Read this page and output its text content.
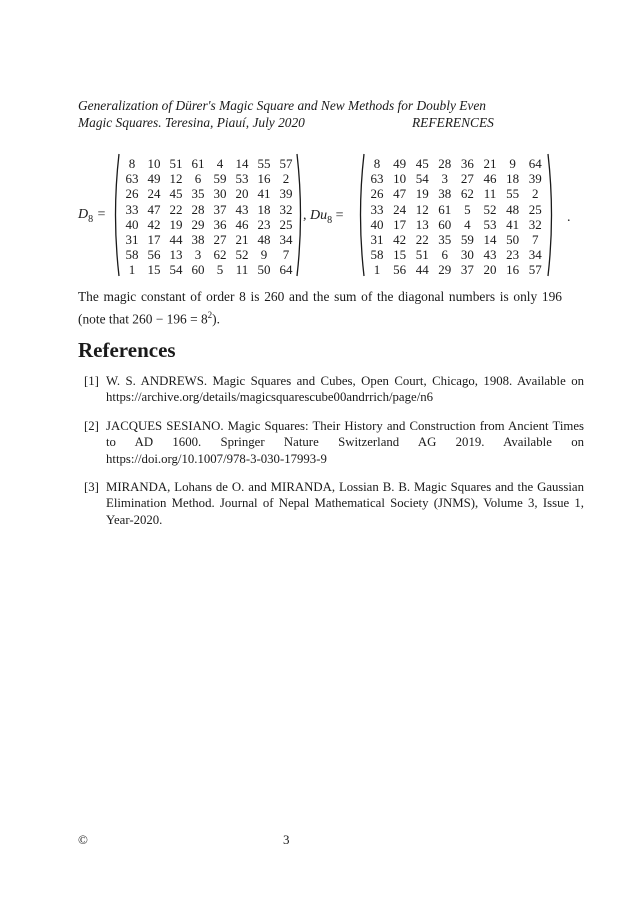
Generalization of Dürer's Magic Square and New Methods for Doubly Even
Magic Squares. Teresina, Piauí, July 2020	REFERENCES
$D_8$ =
8 10 51 61 4 14 55 57
63 49 12 6 59 53 16 2
26 24 45 35 30 20 41 39
33 47 22 28 37 43 18 32
40 42 19 29 36 46 23 25
31 17 44 38 27 21 48 34
58 56 13 3 62 52 9	7
1 15 54 60 5 11 50 64
, $Du_8$ =
8 49 45 28 36 21 9 64
63 10 54 3 27 46 18 39
26 47 19 38 62 11 55 2
33 24 12 61 5 52 48 25
40 17 13 60 4 53 41 32
31 42 22 35 59 14 50 7
58 15 51 6 30 43 23 34
1 56 44 29 37 20 16 57
.
The magic constant of order 8 is 260 and the sum of the diagonal numbers is only 196 (note that $260 - 196 = 8^2$).
References
[1] W. S. ANDREWS. Magic Squares and Cubes, Open Court, Chicago, 1908. Available on https://archive.org/details/magicsquarescube00andrrich/page/n6
[2] JACQUES SESIANO. Magic Squares: Their History and Construction from Ancient Times to AD 1600. Springer Nature Switzerland AG 2019. Available on https://doi.org/10.1007/978-3-030-17993-9
[3] MIRANDA, Lohans de O. and MIRANDA, Lossian B. B. Magic Squares and the Gaussian Elimination Method. Journal of Nepal Mathematical Society (JNMS), Volume 3, Issue 1, Year-2020.
©	3
